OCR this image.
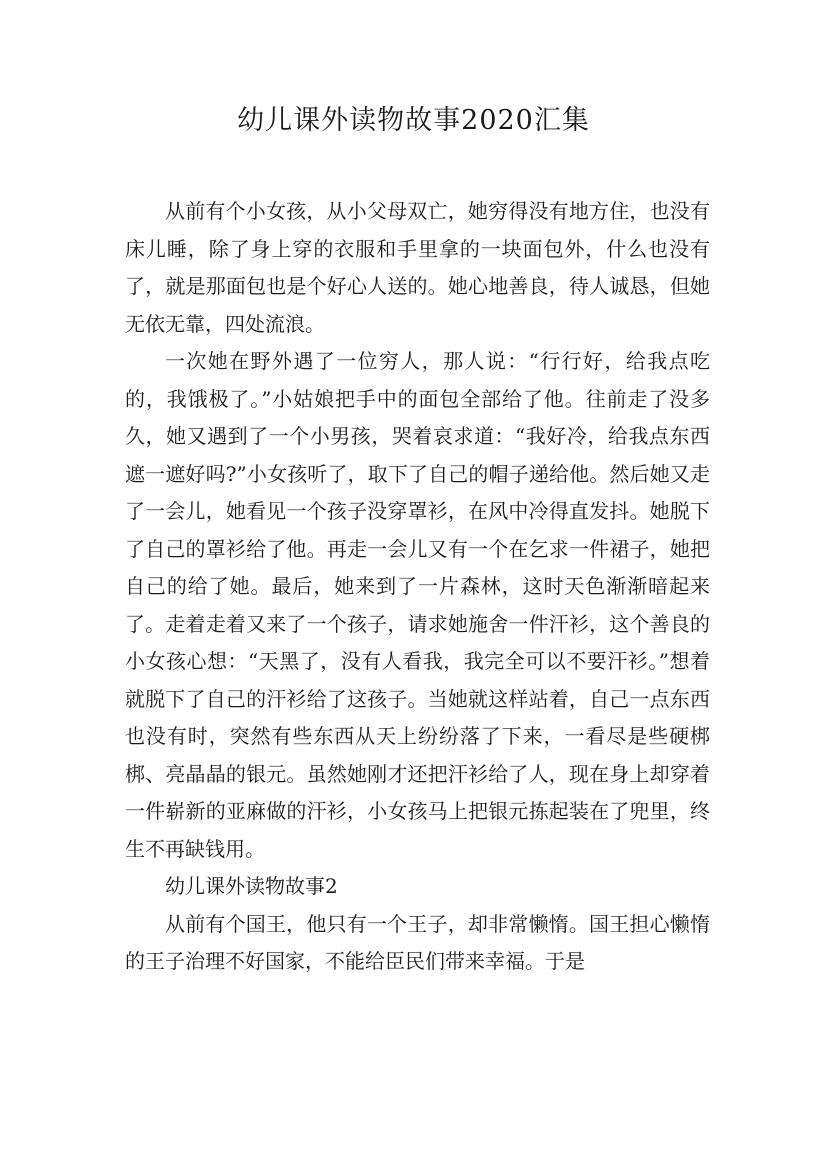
幼儿课外读物故事2020汇集

从前有个小女孩，从小父母双亡，她穷得没有地方住，也没有床儿睡，除了身上穿的衣服和手里拿的一块面包外，什么也没有了，就是那面包也是个好心人送的。她心地善良，待人诚恳，但她无依无靠，四处流浪。

一次她在野外遇了一位穷人，那人说：“行行好，给我点吃的，我饿极了。”小姑娘把手中的面包全部给了他。往前走了没多久，她又遇到了一个小男孩，哭着哀求道：“我好冷，给我点东西遮一遮好吗?”小女孩听了，取下了自己的帽子递给他。然后她又走了一会儿，她看见一个孩子没穿罩衫，在风中冷得直发抖。她脱下了自己的罩衫给了他。再走一会儿又有一个在乞求一件裙子，她把自己的给了她。最后，她来到了一片森林，这时天色渐渐暗起来了。走着走着又来了一个孩子，请求她施舍一件汗衫，这个善良的小女孩心想：“天黑了，没有人看我，我完全可以不要汗衫。”想着就脱下了自己的汗衫给了这孩子。当她就这样站着，自己一点东西也没有时，突然有些东西从天上纷纷落了下来，一看尽是些硬梆梆、亮晶晶的银元。虽然她刚才还把汗衫给了人，现在身上却穿着一件崭新的亚麻做的汗衫，小女孩马上把银元拣起装在了兜里，终生不再缺钱用。

幼儿课外读物故事2

从前有个国王，他只有一个王子，却非常懒惰。国王担心懒惰的王子治理不好国家，不能给臣民们带来幸福。于是
